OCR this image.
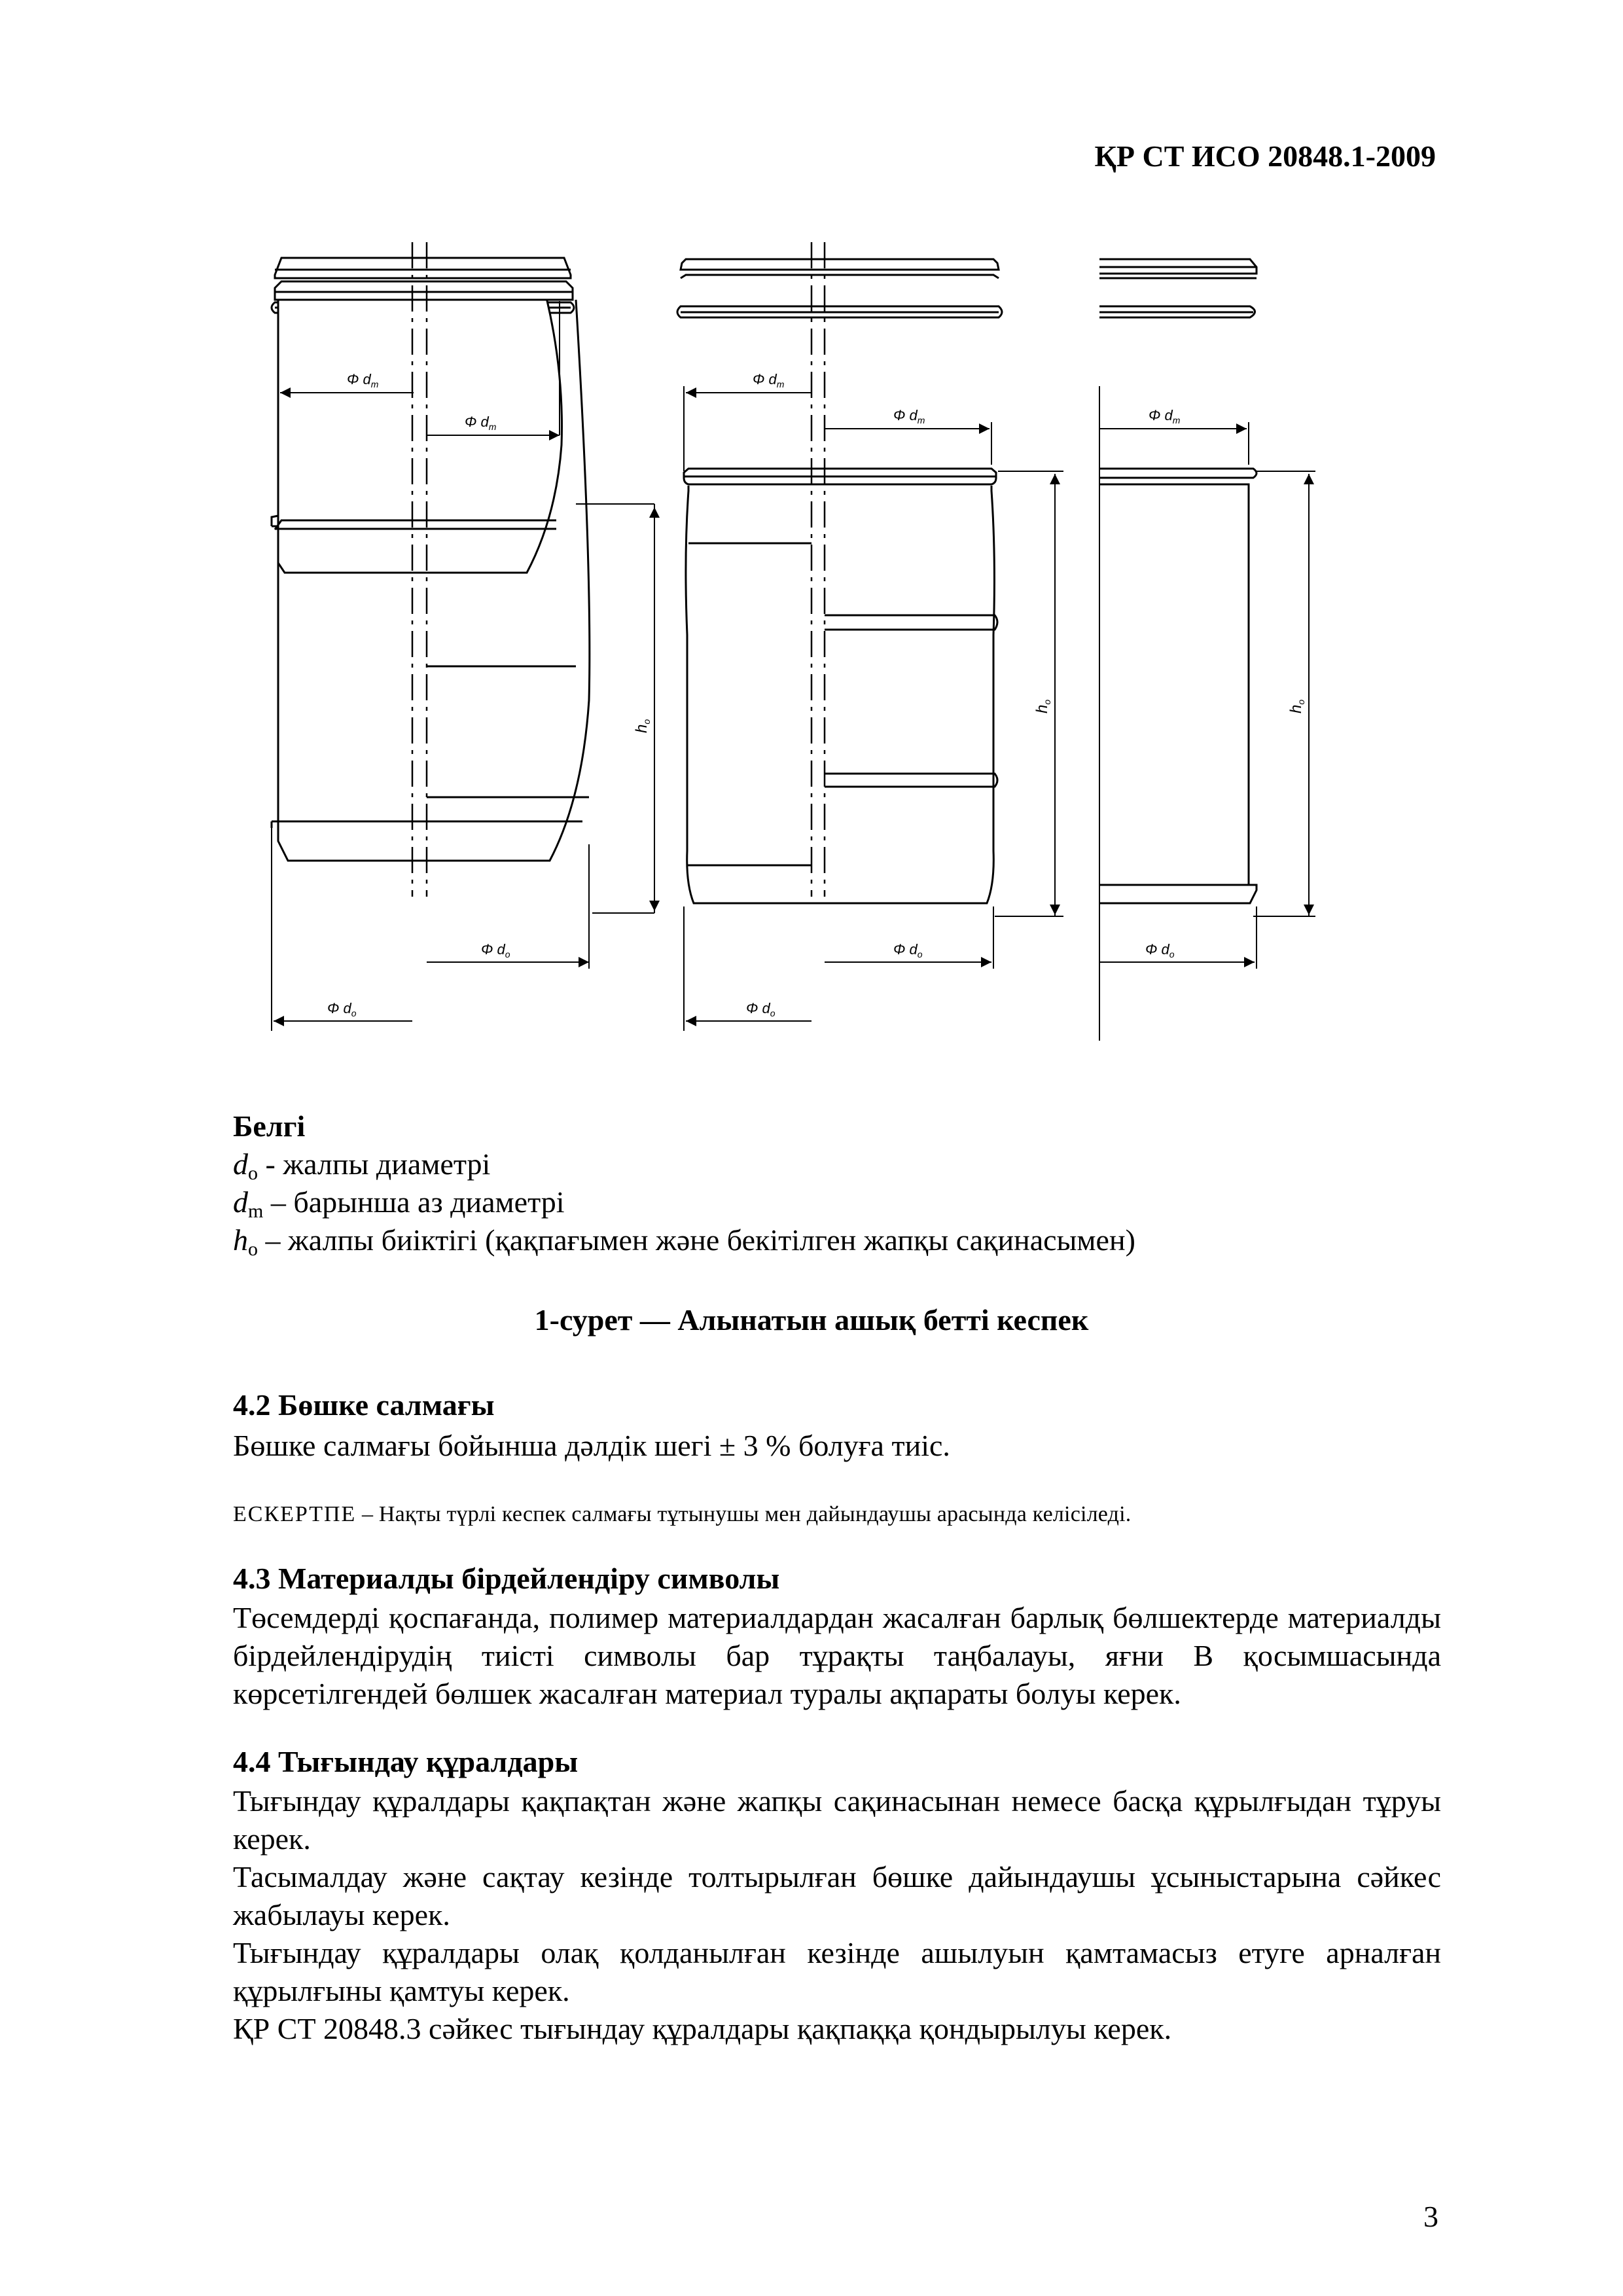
ҚР СТ ИСО 20848.1-2009
Φ $d_m$
Φ $d_m$
Φ $d_o$
Φ $d_o$
$h_o$
Φ $d_m$
Φ $d_m$
Φ $d_o$
Φ $d_o$
$h_o$
Φ $d_m$
Φ $d_o$
$h_o$
Белгі
$d_o$ - жалпы диаметрі
$d_m$ – барынша аз диаметрі
$h_o$ – жалпы биіктігі (қақпағымен және бекітілген жапқы сақинасымен)
1-сурет — Алынатын ашық бетті кеспек
4.2 Бөшке салмағы

Бөшке салмағы бойынша дәлдік шегі ± 3 % болуға тиіс.

ЕСКЕРТПЕ – Нақты түрлі кеспек салмағы тұтынушы мен дайындаушы арасында келісіледі.
4.3 Материалды бірдейлендіру символы

Төсемдерді қоспағанда, полимер материалдардан жасалған барлық бөлшектерде материалды бірдейлендірудің тиісті символы бар тұрақты таңбалауы, яғни В қосымшасында көрсетілгендей бөлшек жасалған материал туралы ақпараты болуы керек.

4.4 Тығындау құралдары

Тығындау құралдары қақпақтан және жапқы сақинасынан немесе басқа құрылғыдан тұруы керек.

Тасымалдау және сақтау кезінде толтырылған бөшке дайындаушы ұсыныстарына сәйкес жабылауы керек.

Тығындау құралдары олақ қолданылған кезінде ашылуын қамтамасыз етуге арналған құрылғыны қамтуы керек.

ҚР СТ 20848.3 сәйкес тығындау құралдары қақпаққа қондырылуы керек.

3
